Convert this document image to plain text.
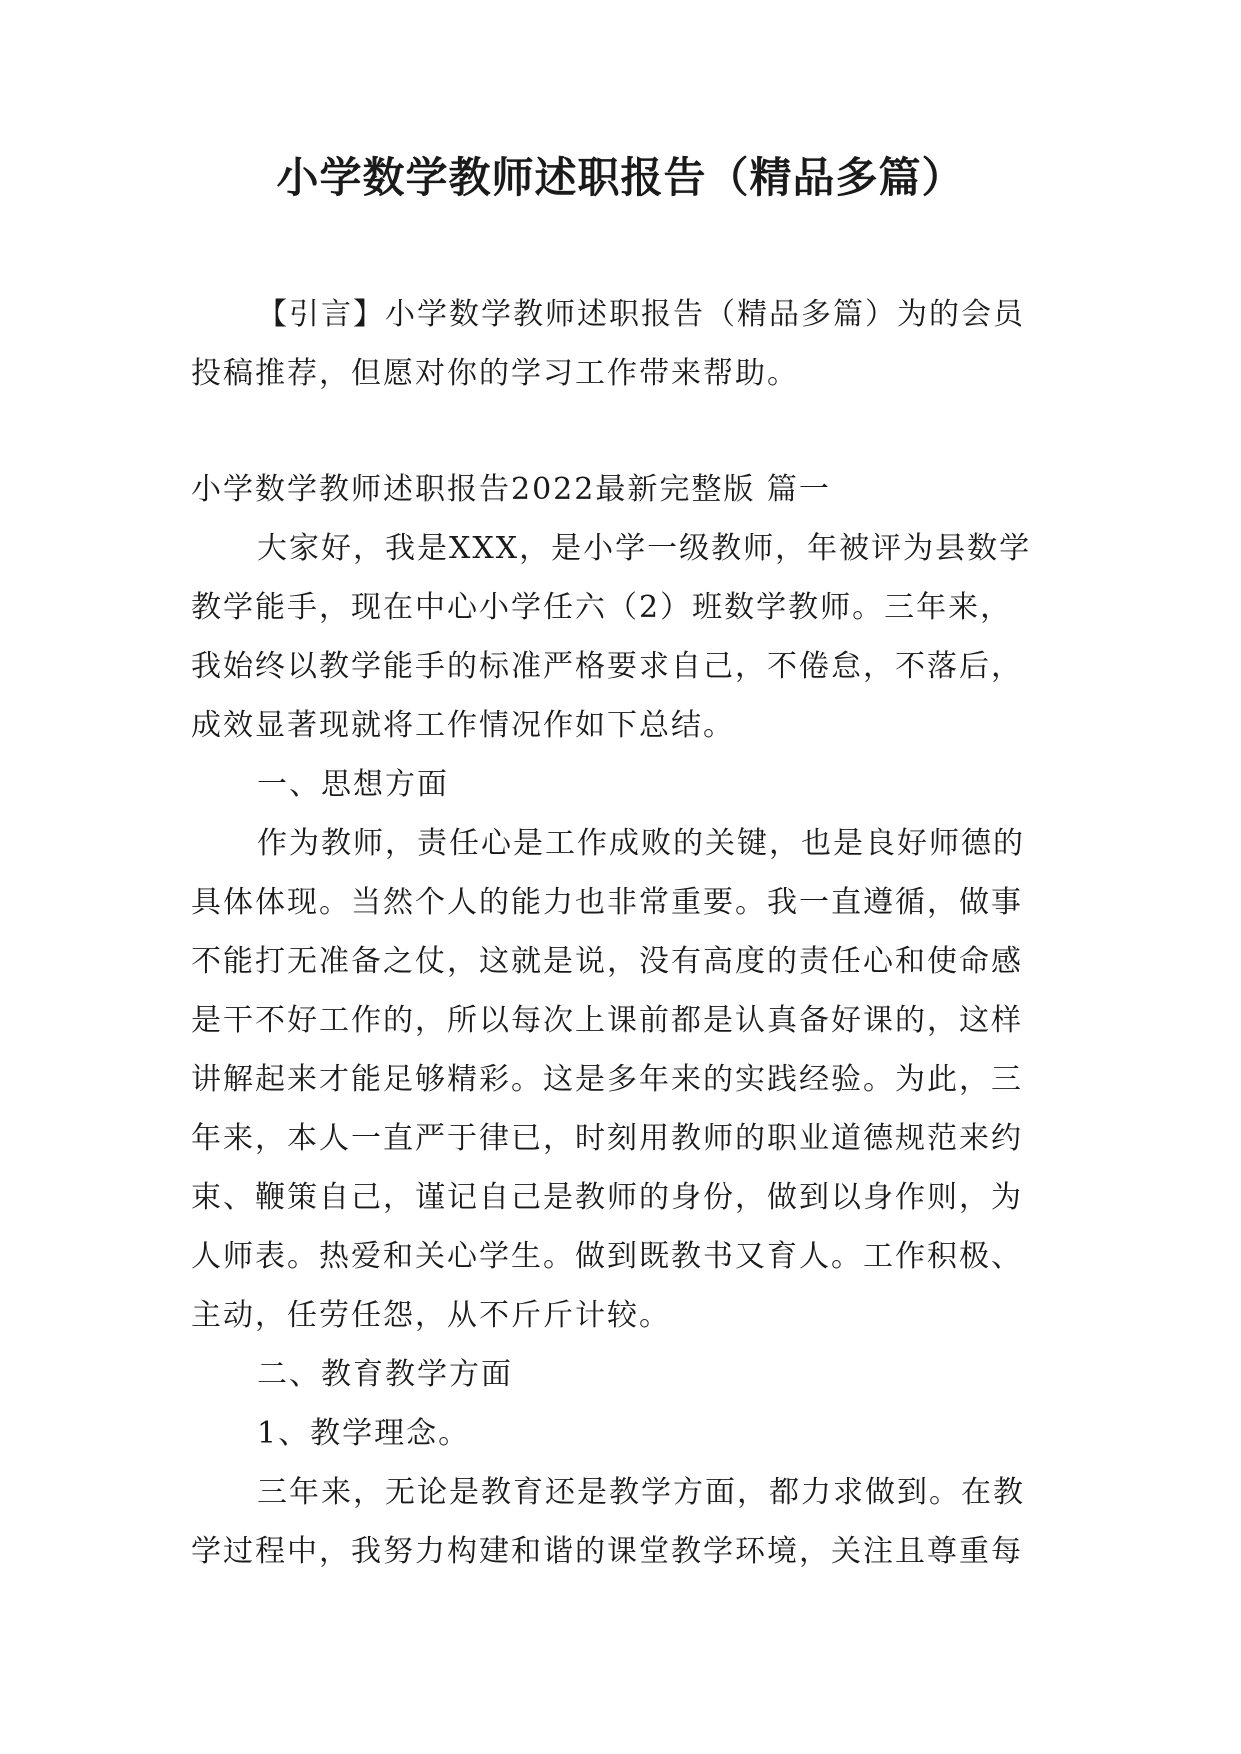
小学数学教师述职报告（精品多篇）

【引言】小学数学教师述职报告（精品多篇）为的会员
投稿推荐，但愿对你的学习工作带来帮助。

小学数学教师述职报告2022最新完整版 篇一

大家好，我是XXX，是小学一级教师，年被评为县数学
教学能手，现在中心小学任六（2）班数学教师。三年来，
我始终以教学能手的标准严格要求自己，不倦怠，不落后，
成效显著现就将工作情况作如下总结。

一、思想方面

作为教师，责任心是工作成败的关键，也是良好师德的
具体体现。当然个人的能力也非常重要。我一直遵循，做事
不能打无准备之仗，这就是说，没有高度的责任心和使命感
是干不好工作的，所以每次上课前都是认真备好课的，这样
讲解起来才能足够精彩。这是多年来的实践经验。为此，三
年来，本人一直严于律已，时刻用教师的职业道德规范来约
束、鞭策自己，谨记自己是教师的身份，做到以身作则，为
人师表。热爱和关心学生。做到既教书又育人。工作积极、
主动，任劳任怨，从不斤斤计较。

二、教育教学方面

1、教学理念。

三年来，无论是教育还是教学方面，都力求做到。在教
学过程中，我努力构建和谐的课堂教学环境，关注且尊重每
